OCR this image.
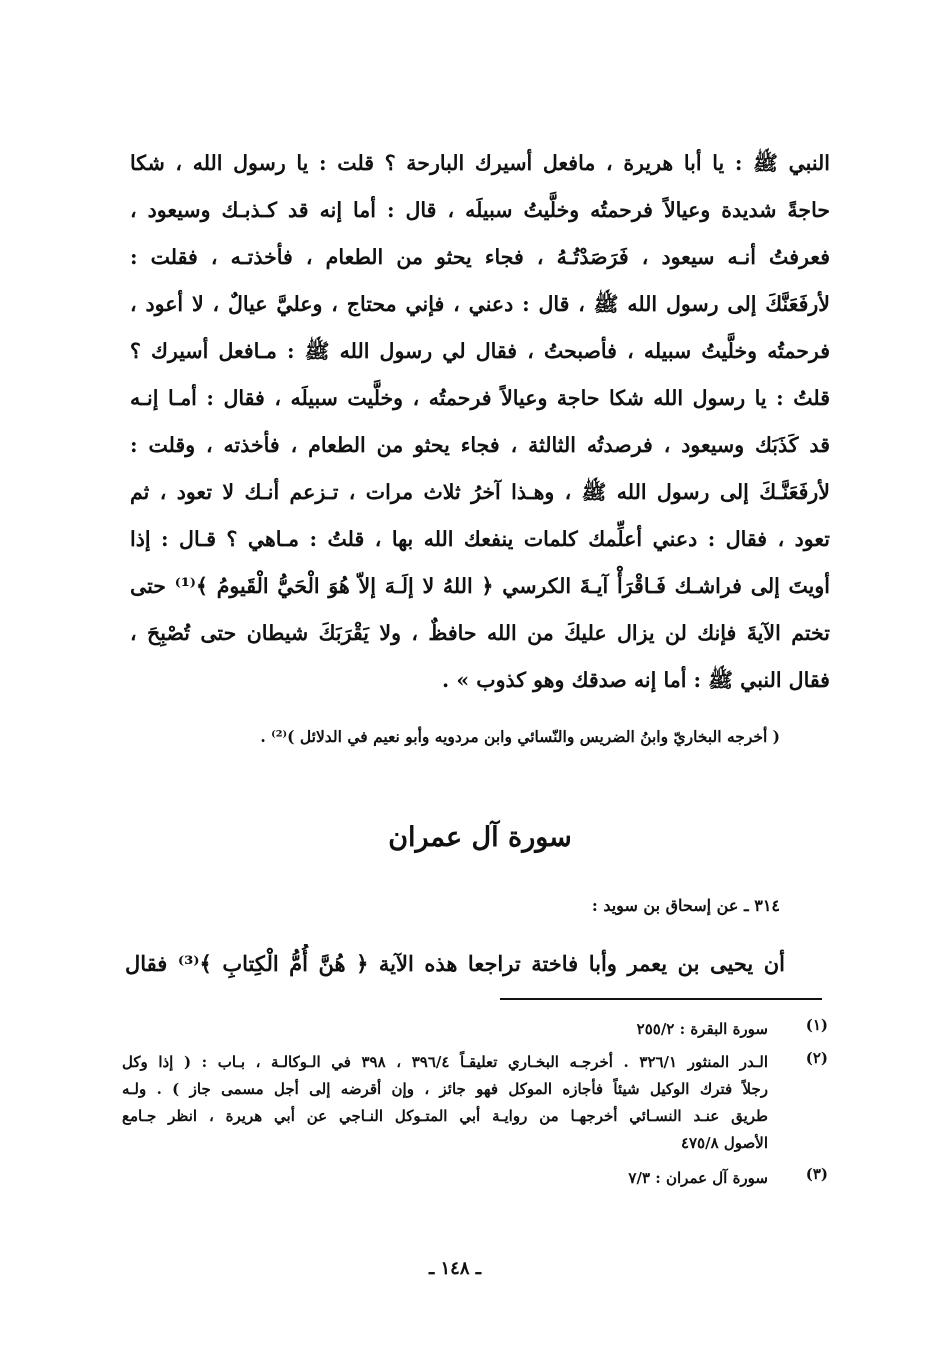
النبي ﷺ : يا أبا هريرة ، مافعل أسيرك البارحة ؟ قلت : يا رسول الله ، شكا
حاجةً شديدة وعيالاً فرحمتُه وخلَّيتُ سبيلَه ، قال : أما إنه قد كـذبـك وسيعود ،
فعرفتُ أنـه سيعود ، فَرَصَدْتُـهُ ، فجاء يحثو من الطعام ، فأخذتـه ، فقلت :
لأرفَعَنَّكَ إلى رسول الله ﷺ ، قال : دعني ، فإني محتاج ، وعليَّ عيالٌ ، لا أعود ،
فرحمتُه وخلَّيتُ سبيله ، فأصبحتُ ، فقال لي رسول الله ﷺ : مـافعل أسيرك ؟
قلتُ : يا رسول الله شكا حاجة وعيالاً فرحمتُه ، وخلَّيت سبيلَه ، فقال : أمـا إنـه
قد كَذَبَك وسيعود ، فرصدتُه الثالثة ، فجاء يحثو من الطعام ، فأخذته ، وقلت :
لأرفَعَنَّـكَ إلى رسول الله ﷺ ، وهـذا آخرُ ثلاث مرات ، تـزعم أنـك لا تعود ، ثم
تعود ، فقال : دعني أعلِّمك كلمات ينفعك الله بها ، قلتُ : مـاهي ؟ قـال : إذا
أويتَ إلى فراشـك فَـاقْرَأْ آيـةَ الكرسي ﴿ اللهُ لا إلَـهَ إلاّ هُوَ الْحَيُّ الْقَيومُ ﴾⁽¹⁾ حتى
تختم الآيةَ فإنك لن يزال عليكَ من الله حافظٌ ، ولا يَقْرَبَكَ شيطان حتى تُصْبِحَ ،
فقال النبي ﷺ : أما إنه صدقك وهو كذوب » .
( أخرجه البخاريّ وابنُ الضريس والنّسائي وابن مردويه وأبو نعيم في الدلائل )⁽²⁾ .
سورة آل عمران
٣١٤ ـ عن إسحاق بن سويد :
أن يحيى بن يعمر وأبا فاختة تراجعا هذه الآية ﴿ هُنَّ أُمُّ الْكِتابِ ﴾⁽³⁾ فقال
(١)
سورة البقرة : ٢٥٥/٢
(٢)
الـدر المنثور ٣٢٦/١ . أخرجـه البخـاري تعليقـاً ٣٩٦/٤ ، ٣٩٨ في الـوكالـة ، بـاب : ( إذا وكل
رجلاً فترك الوكيل شيئاً فأجازه الموكل فهو جائز ، وإن أقرضه إلى أجل مسمى جاز ) . ولـه
طريق عنـد النسـائي أخرجهـا من روايـة أبي المتـوكل النـاجي عن أبي هريرة ، انظر جـامع
الأصول ٤٧٥/٨
(٣)
سورة آل عمران : ٧/٣
ـ ١٤٨ ـ
